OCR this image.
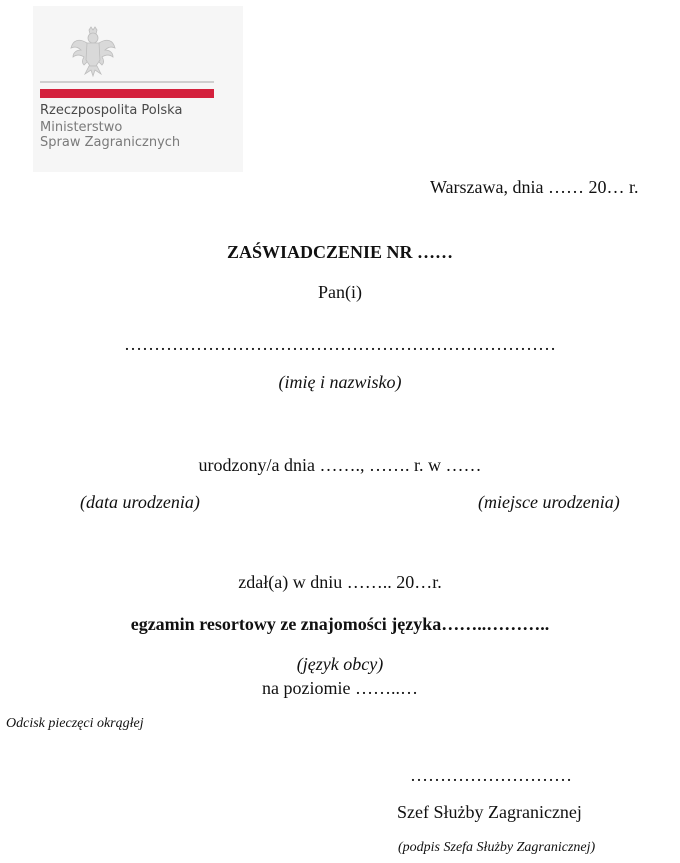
Rzeczpospolita Polska
Ministerstwo
Spraw Zagranicznych
Warszawa, dnia …… 20… r.
ZAŚWIADCZENIE NR ……
Pan(i)
………………………………………………………………
(imię i nazwisko)
urodzony/a dnia ……., ……. r. w ……
(data urodzenia)	(miejsce urodzenia)
zdał(a) w dniu …….. 20…r.
egzamin resortowy ze znajomości języka……..………..
(język obcy)
na poziomie ……..…
Odcisk pieczęci okrągłej
………………………
Szef Służby Zagranicznej
(podpis Szefa Służby Zagranicznej)
